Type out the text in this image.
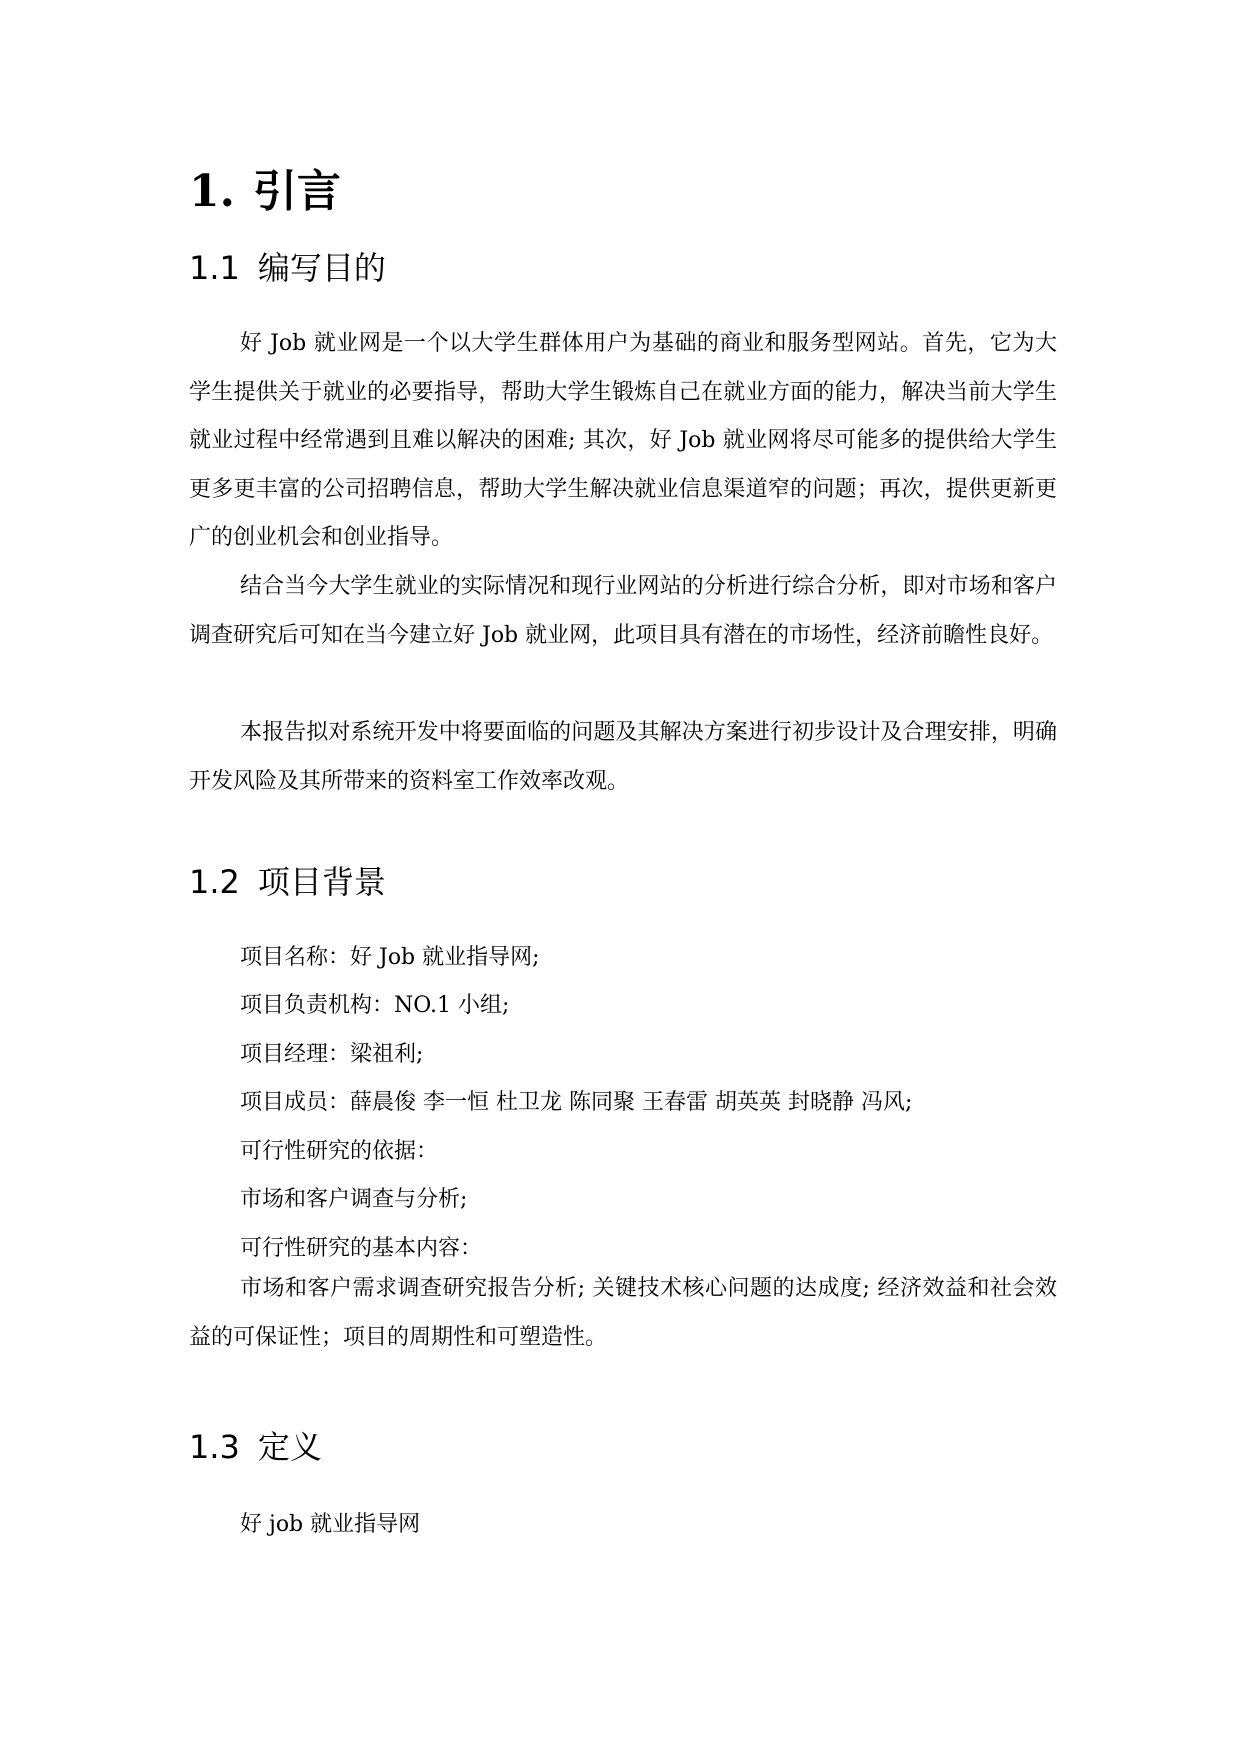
1. 引言
1.1 编写目的

好 Job 就业网是一个以大学生群体用户为基础的商业和服务型网站。首先，它为大学生提供关于就业的必要指导，帮助大学生锻炼自己在就业方面的能力，解决当前大学生就业过程中经常遇到且难以解决的困难; 其次，好 Job 就业网将尽可能多的提供给大学生更多更丰富的公司招聘信息，帮助大学生解决就业信息渠道窄的问题；再次，提供更新更广的创业机会和创业指导。

结合当今大学生就业的实际情况和现行业网站的分析进行综合分析，即对市场和客户调查研究后可知在当今建立好 Job 就业网，此项目具有潜在的市场性，经济前瞻性良好。

本报告拟对系统开发中将要面临的问题及其解决方案进行初步设计及合理安排，明确开发风险及其所带来的资料室工作效率改观。

1.2 项目背景
项目名称：好 Job 就业指导网;
项目负责机构：NO.1 小组;
项目经理：梁祖利;
项目成员：薛晨俊 李一恒 杜卫龙 陈同聚 王春雷 胡英英 封晓静 冯风;
可行性研究的依据：
市场和客户调查与分析;
可行性研究的基本内容：

市场和客户需求调查研究报告分析; 关键技术核心问题的达成度; 经济效益和社会效益的可保证性；项目的周期性和可塑造性。

1.3 定义
好 job 就业指导网
